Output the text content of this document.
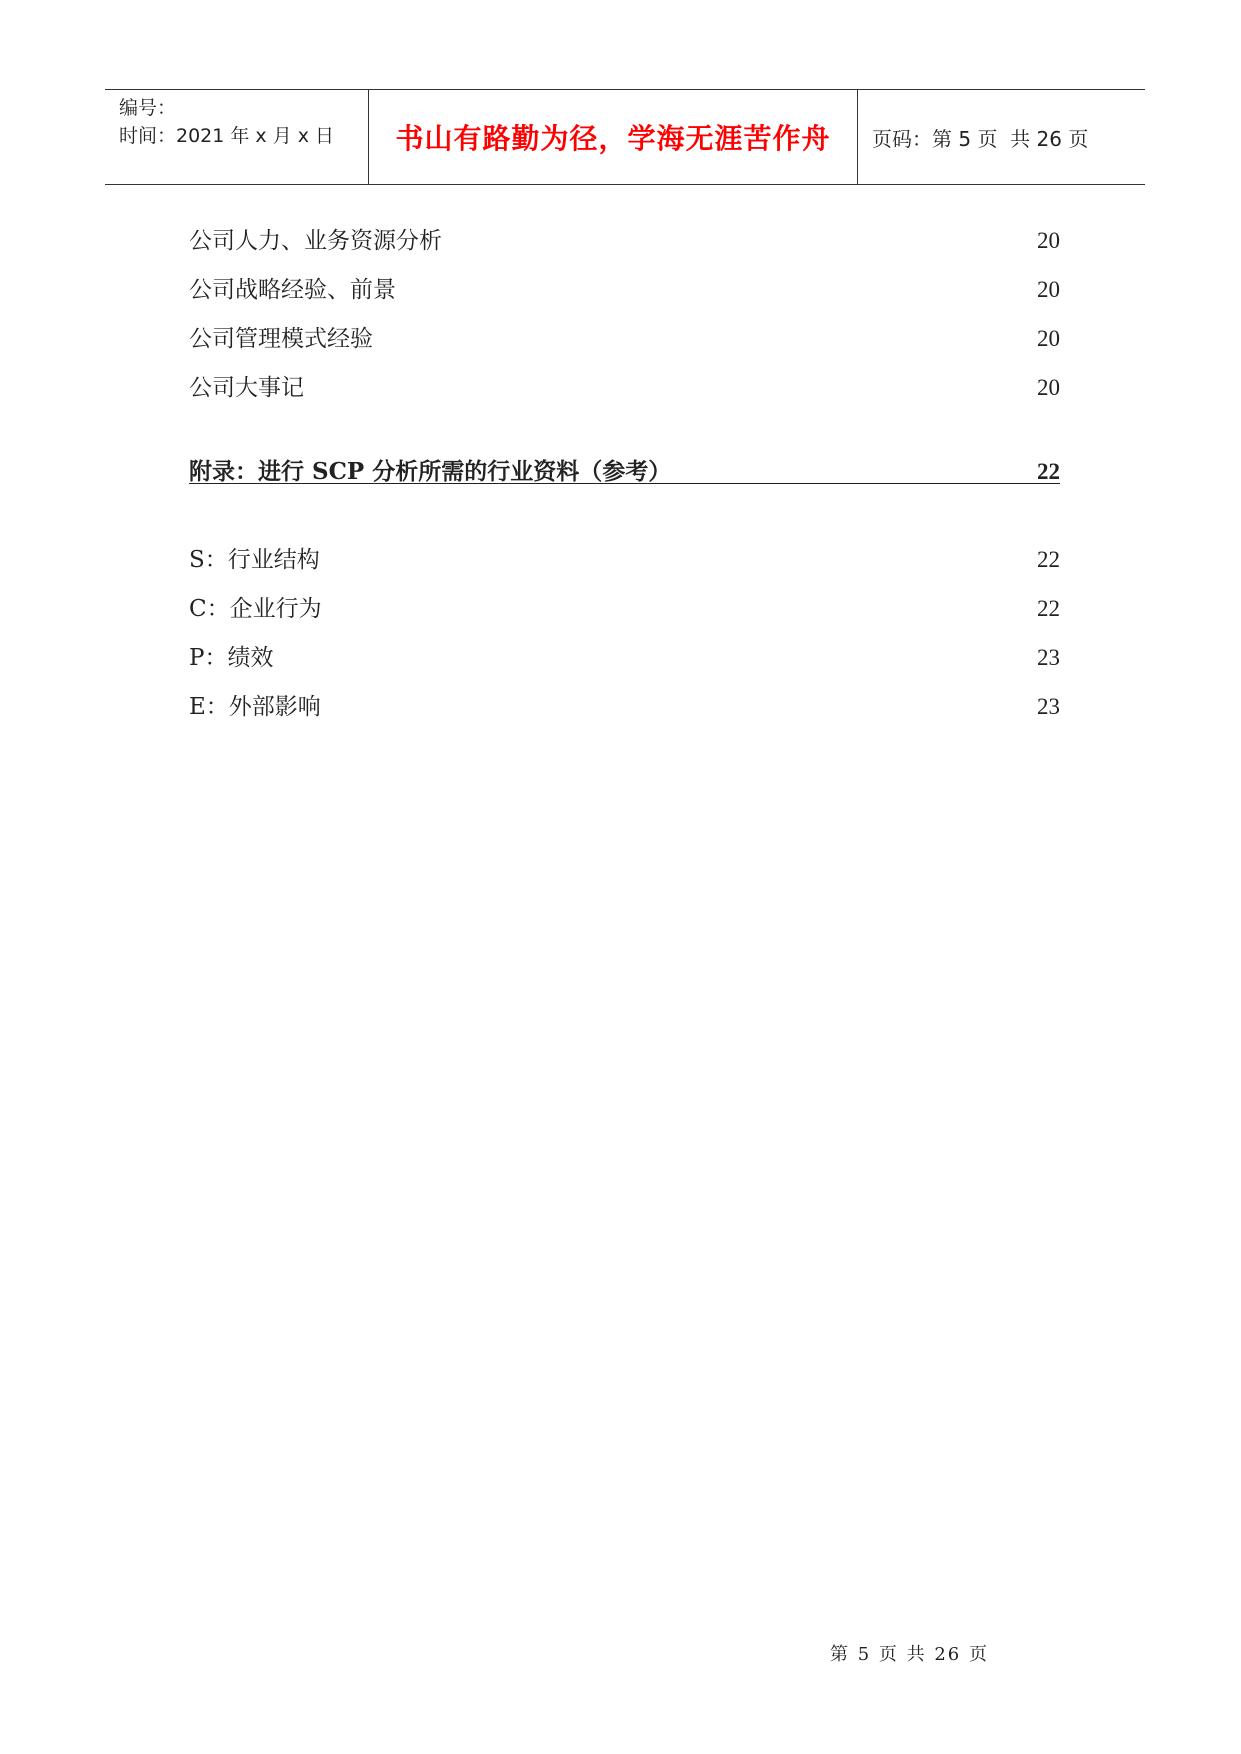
编号：
时间：2021 年 x 月 x 日	书山有路勤为径，学海无涯苦作舟	页码：第 5 页  共 26 页
公司人力、业务资源分析	20
公司战略经验、前景	20
公司管理模式经验	20
公司大事记	20
附录：进行 SCP 分析所需的行业资料（参考）	22
S：行业结构	22
C：企业行为	22
P：绩效	23
E：外部影响	23
第 5 页 共 26 页
